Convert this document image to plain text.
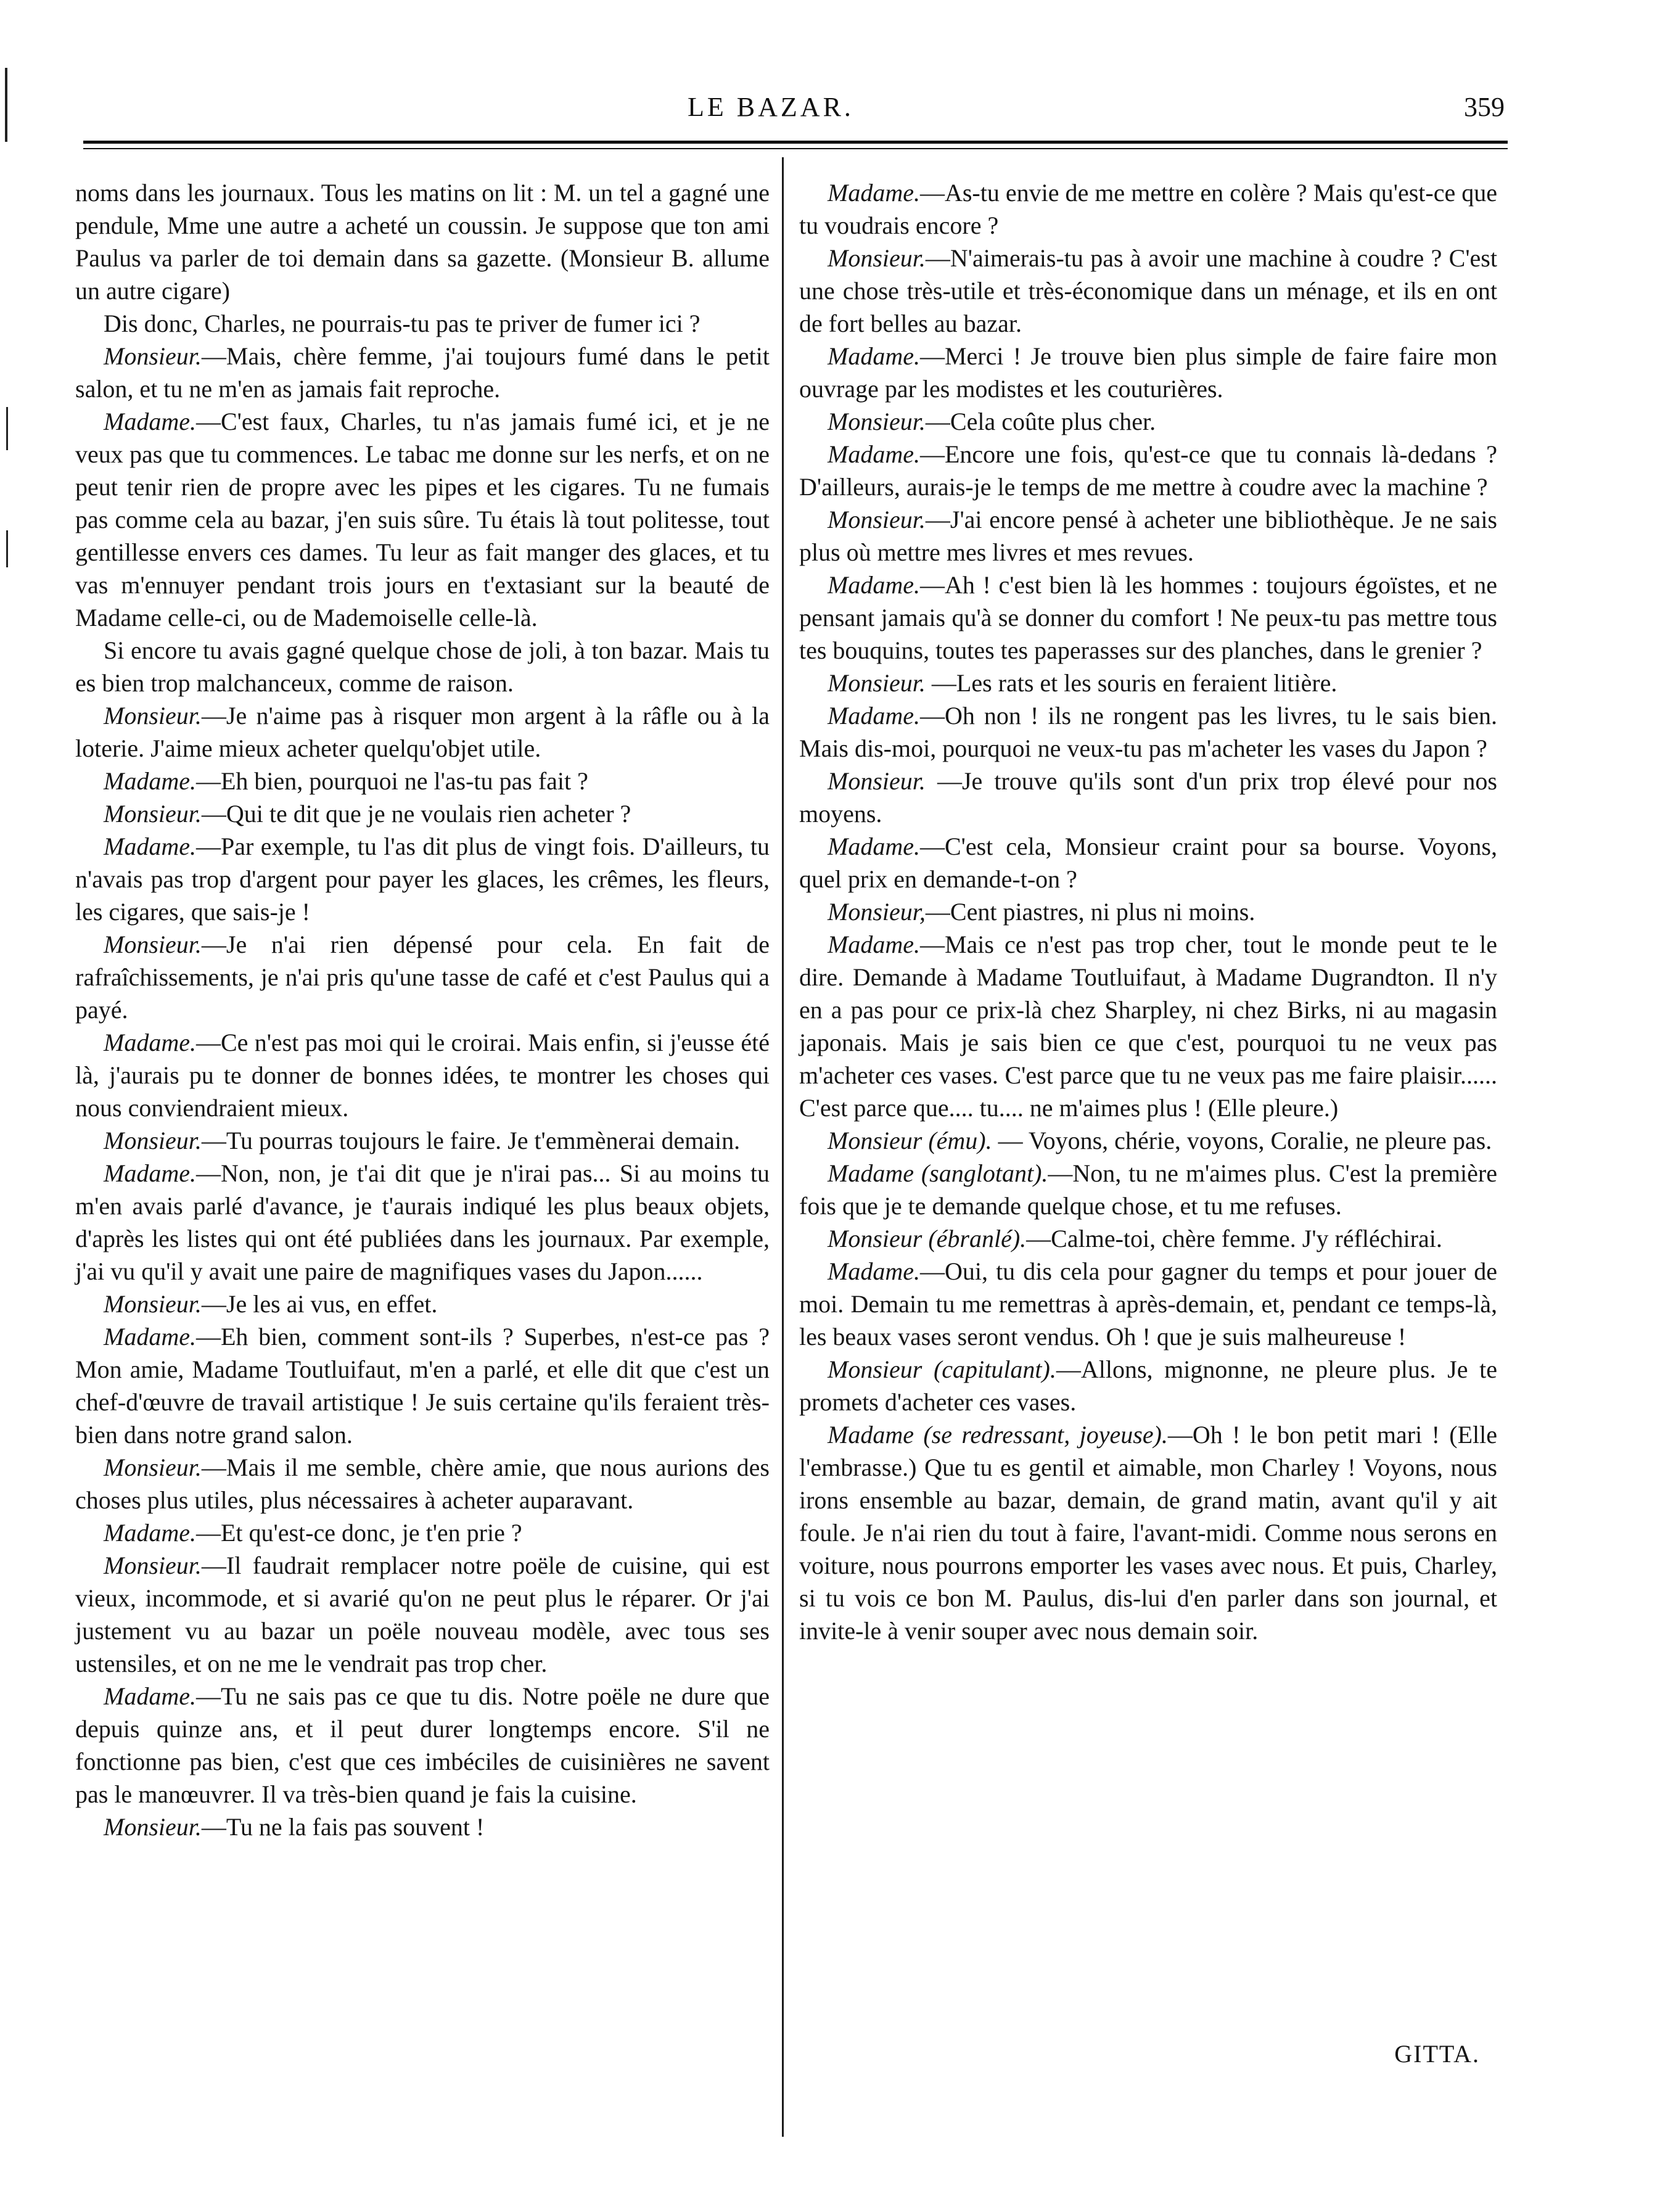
LE BAZAR.	359

noms dans les journaux. Tous les matins on lit : M. un tel a gagné une pendule, Mme une autre a acheté un coussin. Je suppose que ton ami Paulus va parler de toi demain dans sa gazette. (Monsieur B. allume un autre cigare)

Dis donc, Charles, ne pourrais-tu pas te priver de fumer ici ?

Monsieur.—Mais, chère femme, j'ai toujours fumé dans le petit salon, et tu ne m'en as jamais fait reproche.

Madame.—C'est faux, Charles, tu n'as jamais fumé ici, et je ne veux pas que tu commences. Le tabac me donne sur les nerfs, et on ne peut tenir rien de propre avec les pipes et les cigares. Tu ne fumais pas comme cela au bazar, j'en suis sûre. Tu étais là tout politesse, tout gentillesse envers ces dames. Tu leur as fait manger des glaces, et tu vas m'ennuyer pendant trois jours en t'extasiant sur la beauté de Madame celle-ci, ou de Mademoiselle celle-là.

Si encore tu avais gagné quelque chose de joli, à ton bazar. Mais tu es bien trop malchanceux, comme de raison.

Monsieur.—Je n'aime pas à risquer mon argent à la râfle ou à la loterie. J'aime mieux acheter quelqu'objet utile.

Madame.—Eh bien, pourquoi ne l'as-tu pas fait ?

Monsieur.—Qui te dit que je ne voulais rien acheter ?

Madame.—Par exemple, tu l'as dit plus de vingt fois. D'ailleurs, tu n'avais pas trop d'argent pour payer les glaces, les crêmes, les fleurs, les cigares, que sais-je !

Monsieur.—Je n'ai rien dépensé pour cela. En fait de rafraîchissements, je n'ai pris qu'une tasse de café et c'est Paulus qui a payé.

Madame.—Ce n'est pas moi qui le croirai. Mais enfin, si j'eusse été là, j'aurais pu te donner de bonnes idées, te montrer les choses qui nous conviendraient mieux.

Monsieur.—Tu pourras toujours le faire. Je t'emmènerai demain.

Madame.—Non, non, je t'ai dit que je n'irai pas... Si au moins tu m'en avais parlé d'avance, je t'aurais indiqué les plus beaux objets, d'après les listes qui ont été publiées dans les journaux. Par exemple, j'ai vu qu'il y avait une paire de magnifiques vases du Japon......

Monsieur.—Je les ai vus, en effet.

Madame.—Eh bien, comment sont-ils ? Superbes, n'est-ce pas ? Mon amie, Madame Toutluifaut, m'en a parlé, et elle dit que c'est un chef-d'œuvre de travail artistique ! Je suis certaine qu'ils feraient très-bien dans notre grand salon.

Monsieur.—Mais il me semble, chère amie, que nous aurions des choses plus utiles, plus nécessaires à acheter auparavant.

Madame.—Et qu'est-ce donc, je t'en prie ?

Monsieur.—Il faudrait remplacer notre poële de cuisine, qui est vieux, incommode, et si avarié qu'on ne peut plus le réparer. Or j'ai justement vu au bazar un poële nouveau modèle, avec tous ses ustensiles, et on ne me le vendrait pas trop cher.

Madame.—Tu ne sais pas ce que tu dis. Notre poële ne dure que depuis quinze ans, et il peut durer longtemps encore. S'il ne fonctionne pas bien, c'est que ces imbéciles de cuisinières ne savent pas le manœuvrer. Il va très-bien quand je fais la cuisine.

Monsieur.—Tu ne la fais pas souvent !

Madame.—As-tu envie de me mettre en colère ? Mais qu'est-ce que tu voudrais encore ?

Monsieur.—N'aimerais-tu pas à avoir une machine à coudre ? C'est une chose très-utile et très-économique dans un ménage, et ils en ont de fort belles au bazar.

Madame.—Merci ! Je trouve bien plus simple de faire faire mon ouvrage par les modistes et les couturières.

Monsieur.—Cela coûte plus cher.

Madame.—Encore une fois, qu'est-ce que tu connais là-dedans ? D'ailleurs, aurais-je le temps de me mettre à coudre avec la machine ?

Monsieur.—J'ai encore pensé à acheter une bibliothèque. Je ne sais plus où mettre mes livres et mes revues.

Madame.—Ah ! c'est bien là les hommes : toujours égoïstes, et ne pensant jamais qu'à se donner du comfort ! Ne peux-tu pas mettre tous tes bouquins, toutes tes paperasses sur des planches, dans le grenier ?

Monsieur. —Les rats et les souris en feraient litière.

Madame.—Oh non ! ils ne rongent pas les livres, tu le sais bien. Mais dis-moi, pourquoi ne veux-tu pas m'acheter les vases du Japon ?

Monsieur. —Je trouve qu'ils sont d'un prix trop élevé pour nos moyens.

Madame.—C'est cela, Monsieur craint pour sa bourse. Voyons, quel prix en demande-t-on ?

Monsieur,—Cent piastres, ni plus ni moins.

Madame.—Mais ce n'est pas trop cher, tout le monde peut te le dire. Demande à Madame Toutluifaut, à Madame Dugrandton. Il n'y en a pas pour ce prix-là chez Sharpley, ni chez Birks, ni au magasin japonais. Mais je sais bien ce que c'est, pourquoi tu ne veux pas m'acheter ces vases. C'est parce que tu ne veux pas me faire plaisir...... C'est parce que.... tu.... ne m'aimes plus ! (Elle pleure.)

Monsieur (ému). — Voyons, chérie, voyons, Coralie, ne pleure pas.

Madame (sanglotant).—Non, tu ne m'aimes plus. C'est la première fois que je te demande quelque chose, et tu me refuses.

Monsieur (ébranlé).—Calme-toi, chère femme. J'y réfléchirai.

Madame.—Oui, tu dis cela pour gagner du temps et pour jouer de moi. Demain tu me remettras à après-demain, et, pendant ce temps-là, les beaux vases seront vendus. Oh ! que je suis malheureuse !

Monsieur (capitulant).—Allons, mignonne, ne pleure plus. Je te promets d'acheter ces vases.

Madame (se redressant, joyeuse).—Oh ! le bon petit mari ! (Elle l'embrasse.) Que tu es gentil et aimable, mon Charley ! Voyons, nous irons ensemble au bazar, demain, de grand matin, avant qu'il y ait foule. Je n'ai rien du tout à faire, l'avant-midi. Comme nous serons en voiture, nous pourrons emporter les vases avec nous. Et puis, Charley, si tu vois ce bon M. Paulus, dis-lui d'en parler dans son journal, et invite-le à venir souper avec nous demain soir.

GITTA.
